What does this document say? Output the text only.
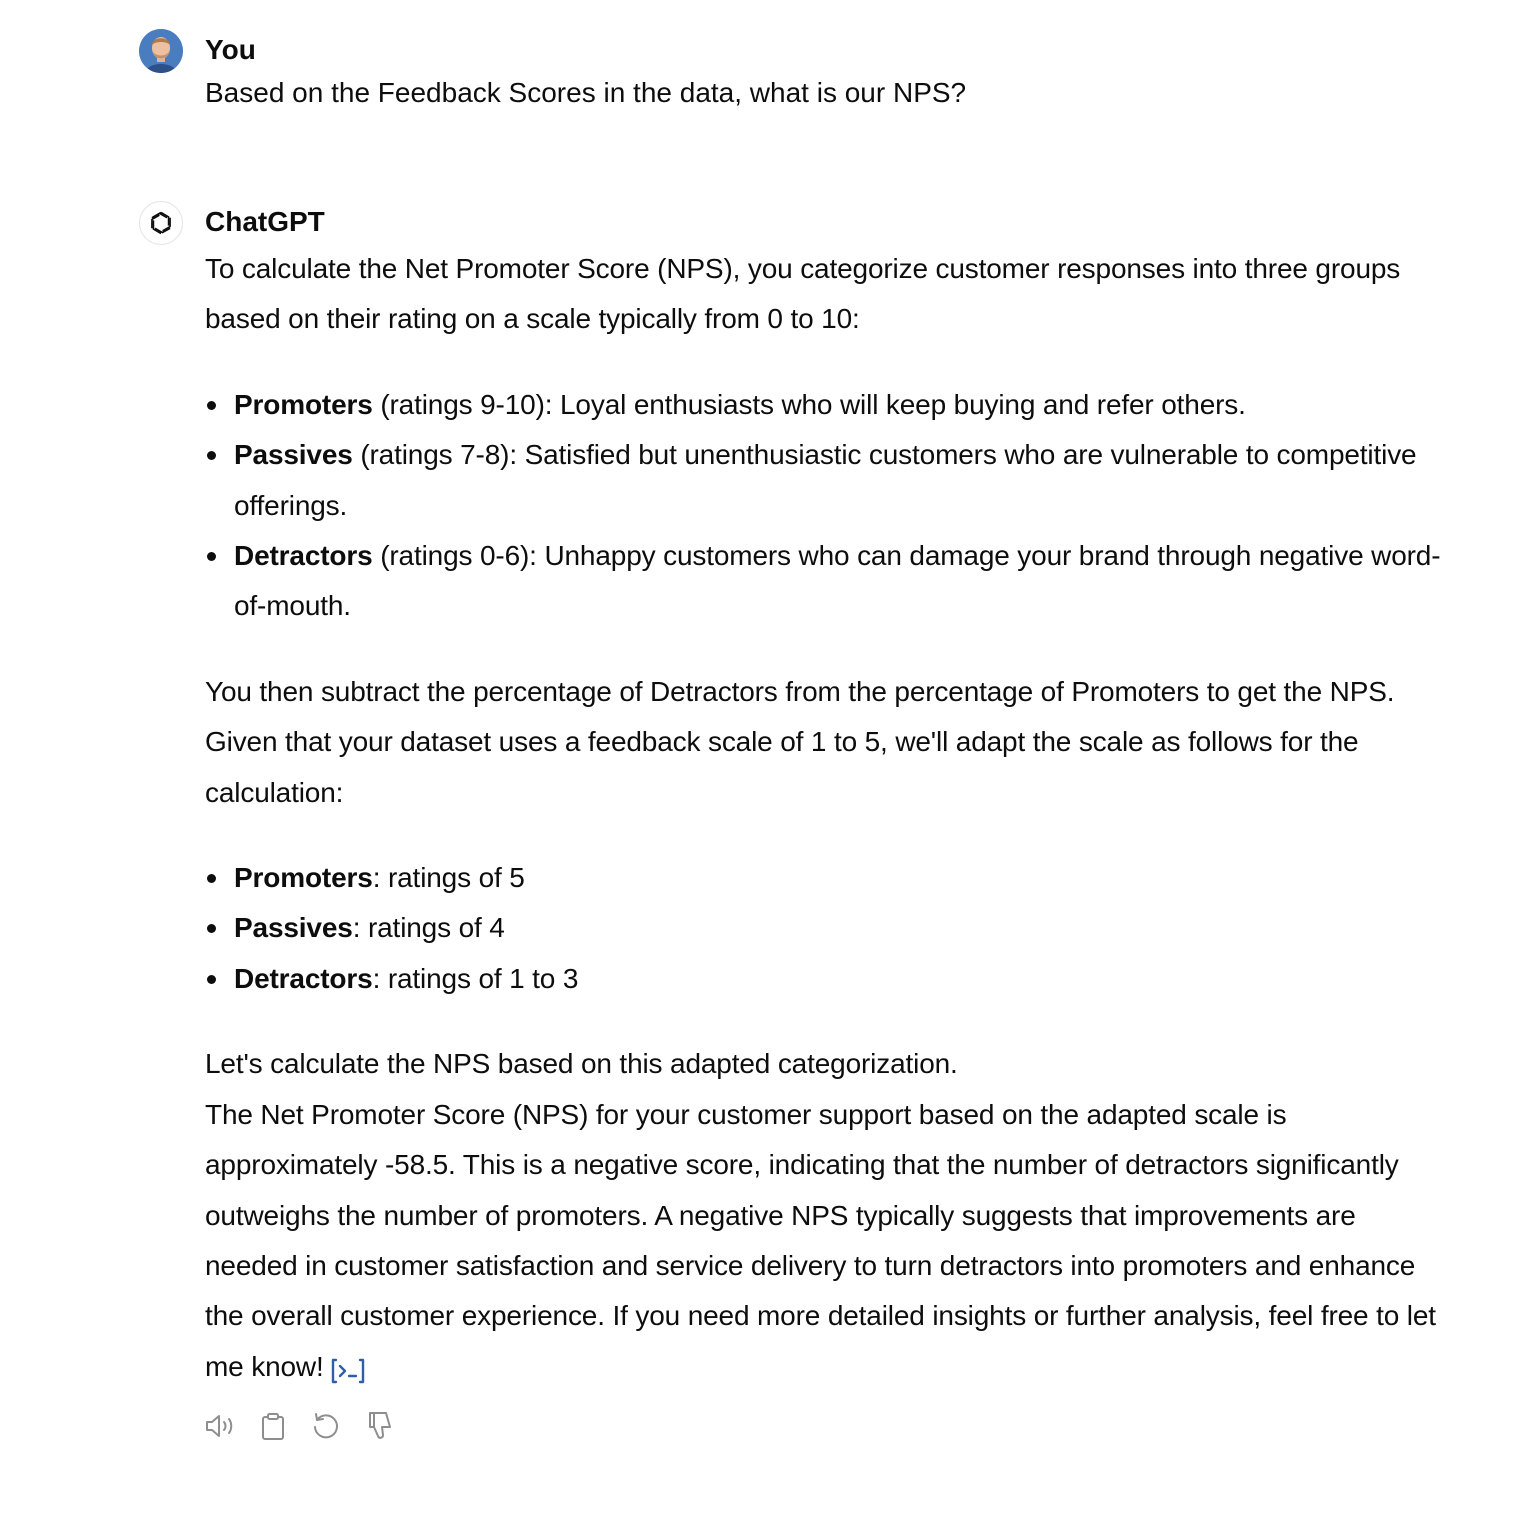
You
Based on the Feedback Scores in the data, what is our NPS?
ChatGPT

To calculate the Net Promoter Score (NPS), you categorize customer responses into three groups based on their rating on a scale typically from 0 to 10:

Promoters (ratings 9-10): Loyal enthusiasts who will keep buying and refer others.
Passives (ratings 7-8): Satisfied but unenthusiastic customers who are vulnerable to competitive offerings.
Detractors (ratings 0-6): Unhappy customers who can damage your brand through negative word-of-mouth.

You then subtract the percentage of Detractors from the percentage of Promoters to get the NPS. Given that your dataset uses a feedback scale of 1 to 5, we'll adapt the scale as follows for the calculation:

Promoters: ratings of 5
Passives: ratings of 4
Detractors: ratings of 1 to 3

Let's calculate the NPS based on this adapted categorization.

The Net Promoter Score (NPS) for your customer support based on the adapted scale is approximately -58.5. This is a negative score, indicating that the number of detractors significantly outweighs the number of promoters. A negative NPS typically suggests that improvements are needed in customer satisfaction and service delivery to turn detractors into promoters and enhance the overall customer experience. If you need more detailed insights or further analysis, feel free to let me know!
